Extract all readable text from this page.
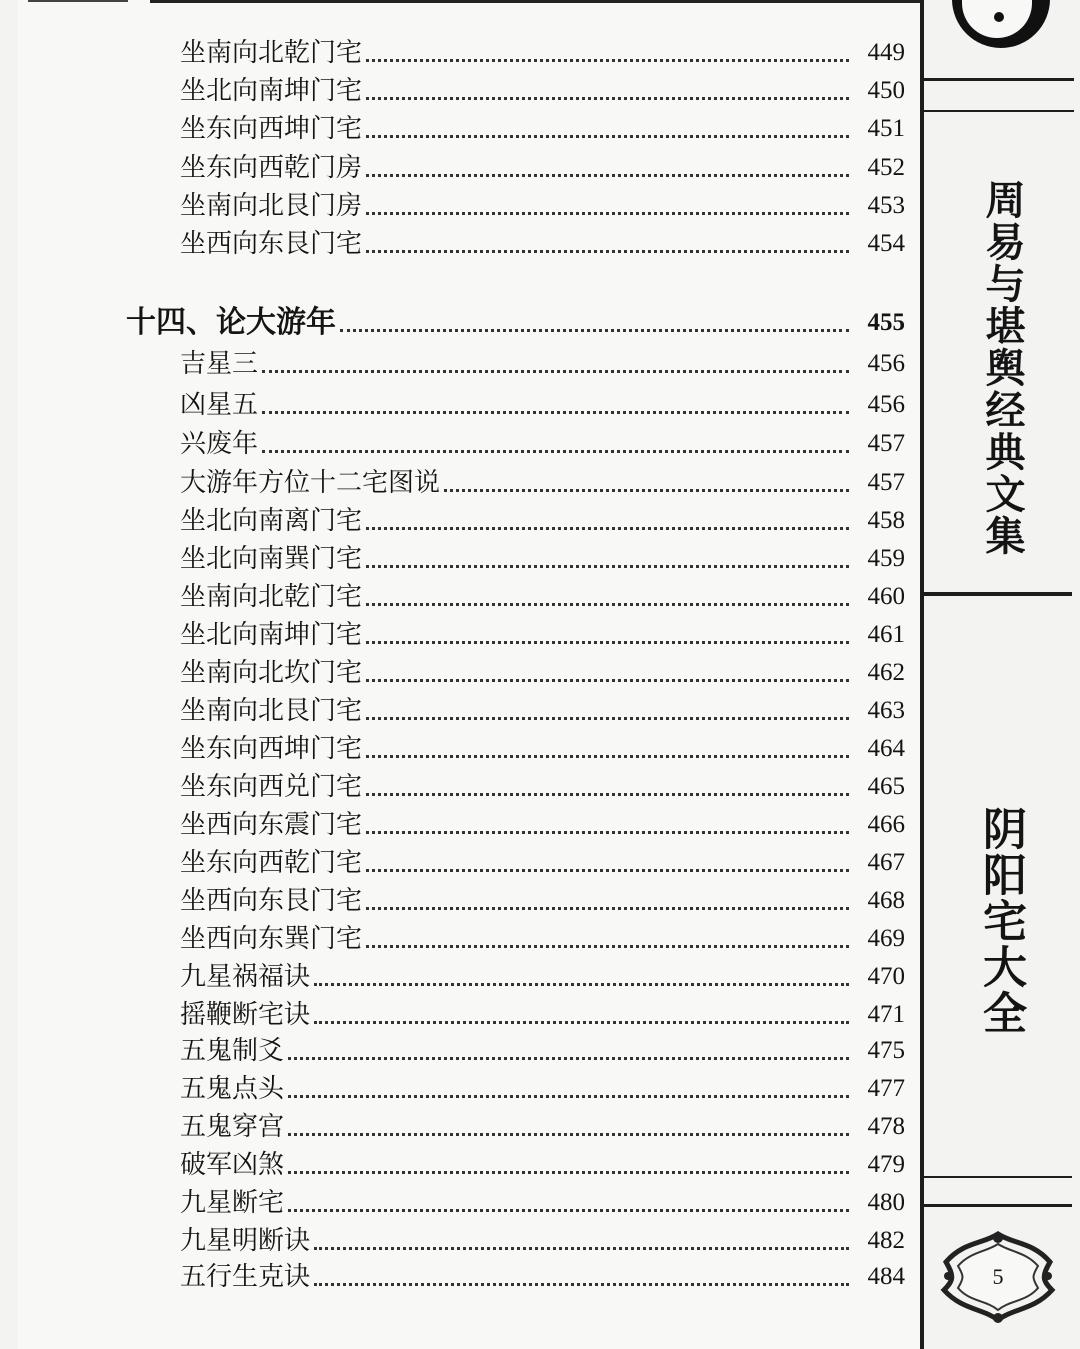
坐南向北乾门宅	449
坐北向南坤门宅	450
坐东向西坤门宅	451
坐东向西乾门房	452
坐南向北艮门房	453
坐西向东艮门宅	454
十四、论大游年	455
吉星三	456
凶星五	456
兴废年	457
大游年方位十二宅图说	457
坐北向南离门宅	458
坐北向南巽门宅	459
坐南向北乾门宅	460
坐北向南坤门宅	461
坐南向北坎门宅	462
坐南向北艮门宅	463
坐东向西坤门宅	464
坐东向西兑门宅	465
坐西向东震门宅	466
坐东向西乾门宅	467
坐西向东艮门宅	468
坐西向东巽门宅	469
九星祸福诀	470
摇鞭断宅诀	471
五鬼制爻	475
五鬼点头	477
五鬼穿宫	478
破军凶煞	479
九星断宅	480
九星明断诀	482
五行生克诀	484
周易与堪舆经典文集
阴阳宅大全
5
